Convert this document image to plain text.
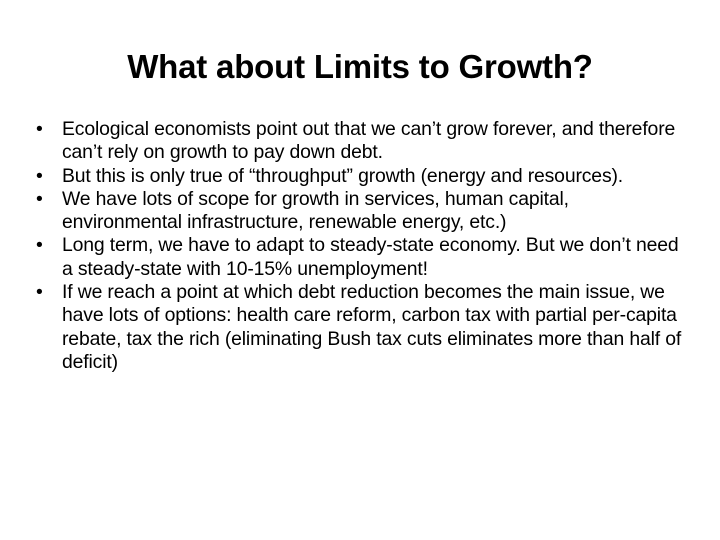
What about Limits to Growth?
• Ecological economists point out that we can’t grow forever, and therefore can’t rely on growth to pay down debt.
• But this is only true of “throughput” growth (energy and resources).
• We have lots of scope for growth in services, human capital, environmental infrastructure, renewable energy, etc.)
• Long term, we have to adapt to steady-state economy. But we don’t need a steady-state with 10-15% unemployment!
• If we reach a point at which debt reduction becomes the main issue, we have lots of options: health care reform, carbon tax with partial per-capita rebate, tax the rich (eliminating Bush tax cuts eliminates more than half of deficit)
